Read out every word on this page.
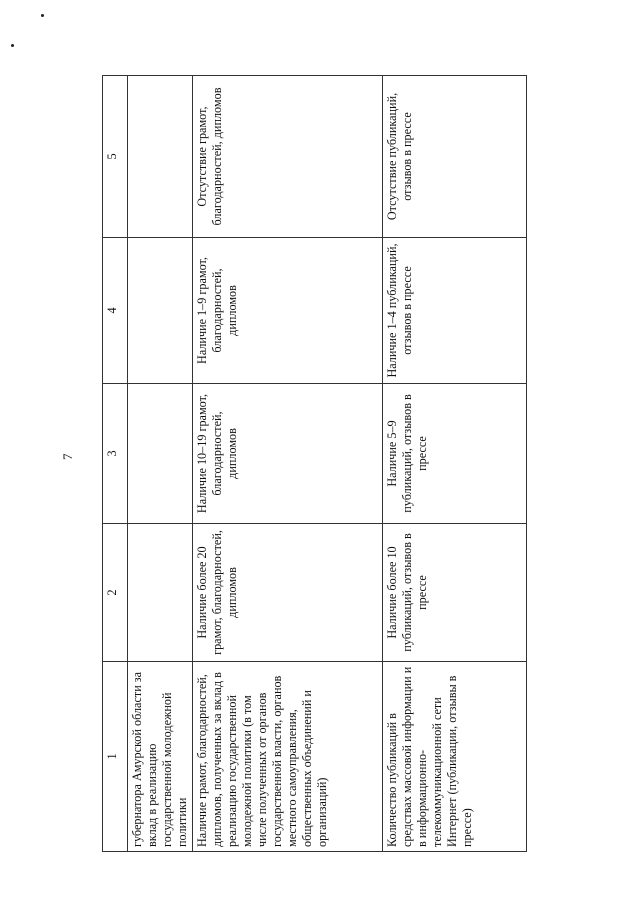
7
1	2	3	4	5
губернатора Амурской области за вклад в реализацию государственной молодежной политики				
Наличие грамот, благодарностей, дипломов, полученных за вклад в реализацию государственной молодежной политики (в том числе полученных от органов государственной власти, органов местного самоуправления, общественных объединений и организаций)	Наличие более 20 грамот, благодарностей, дипломов	Наличие 10–19 грамот, благодарностей, дипломов	Наличие 1–9 грамот, благодарностей, дипломов	Отсутствие грамот, благодарностей, дипломов
Количество публикаций в средствах массовой информации и в информационно-телекоммуникационной сети Интернет (публикации, отзывы в прессе)	Наличие более 10 публикаций, отзывов в прессе	Наличие 5–9 публикаций, отзывов в прессе	Наличие 1–4 публикаций, отзывов в прессе	Отсутствие публикаций, отзывов в прессе
